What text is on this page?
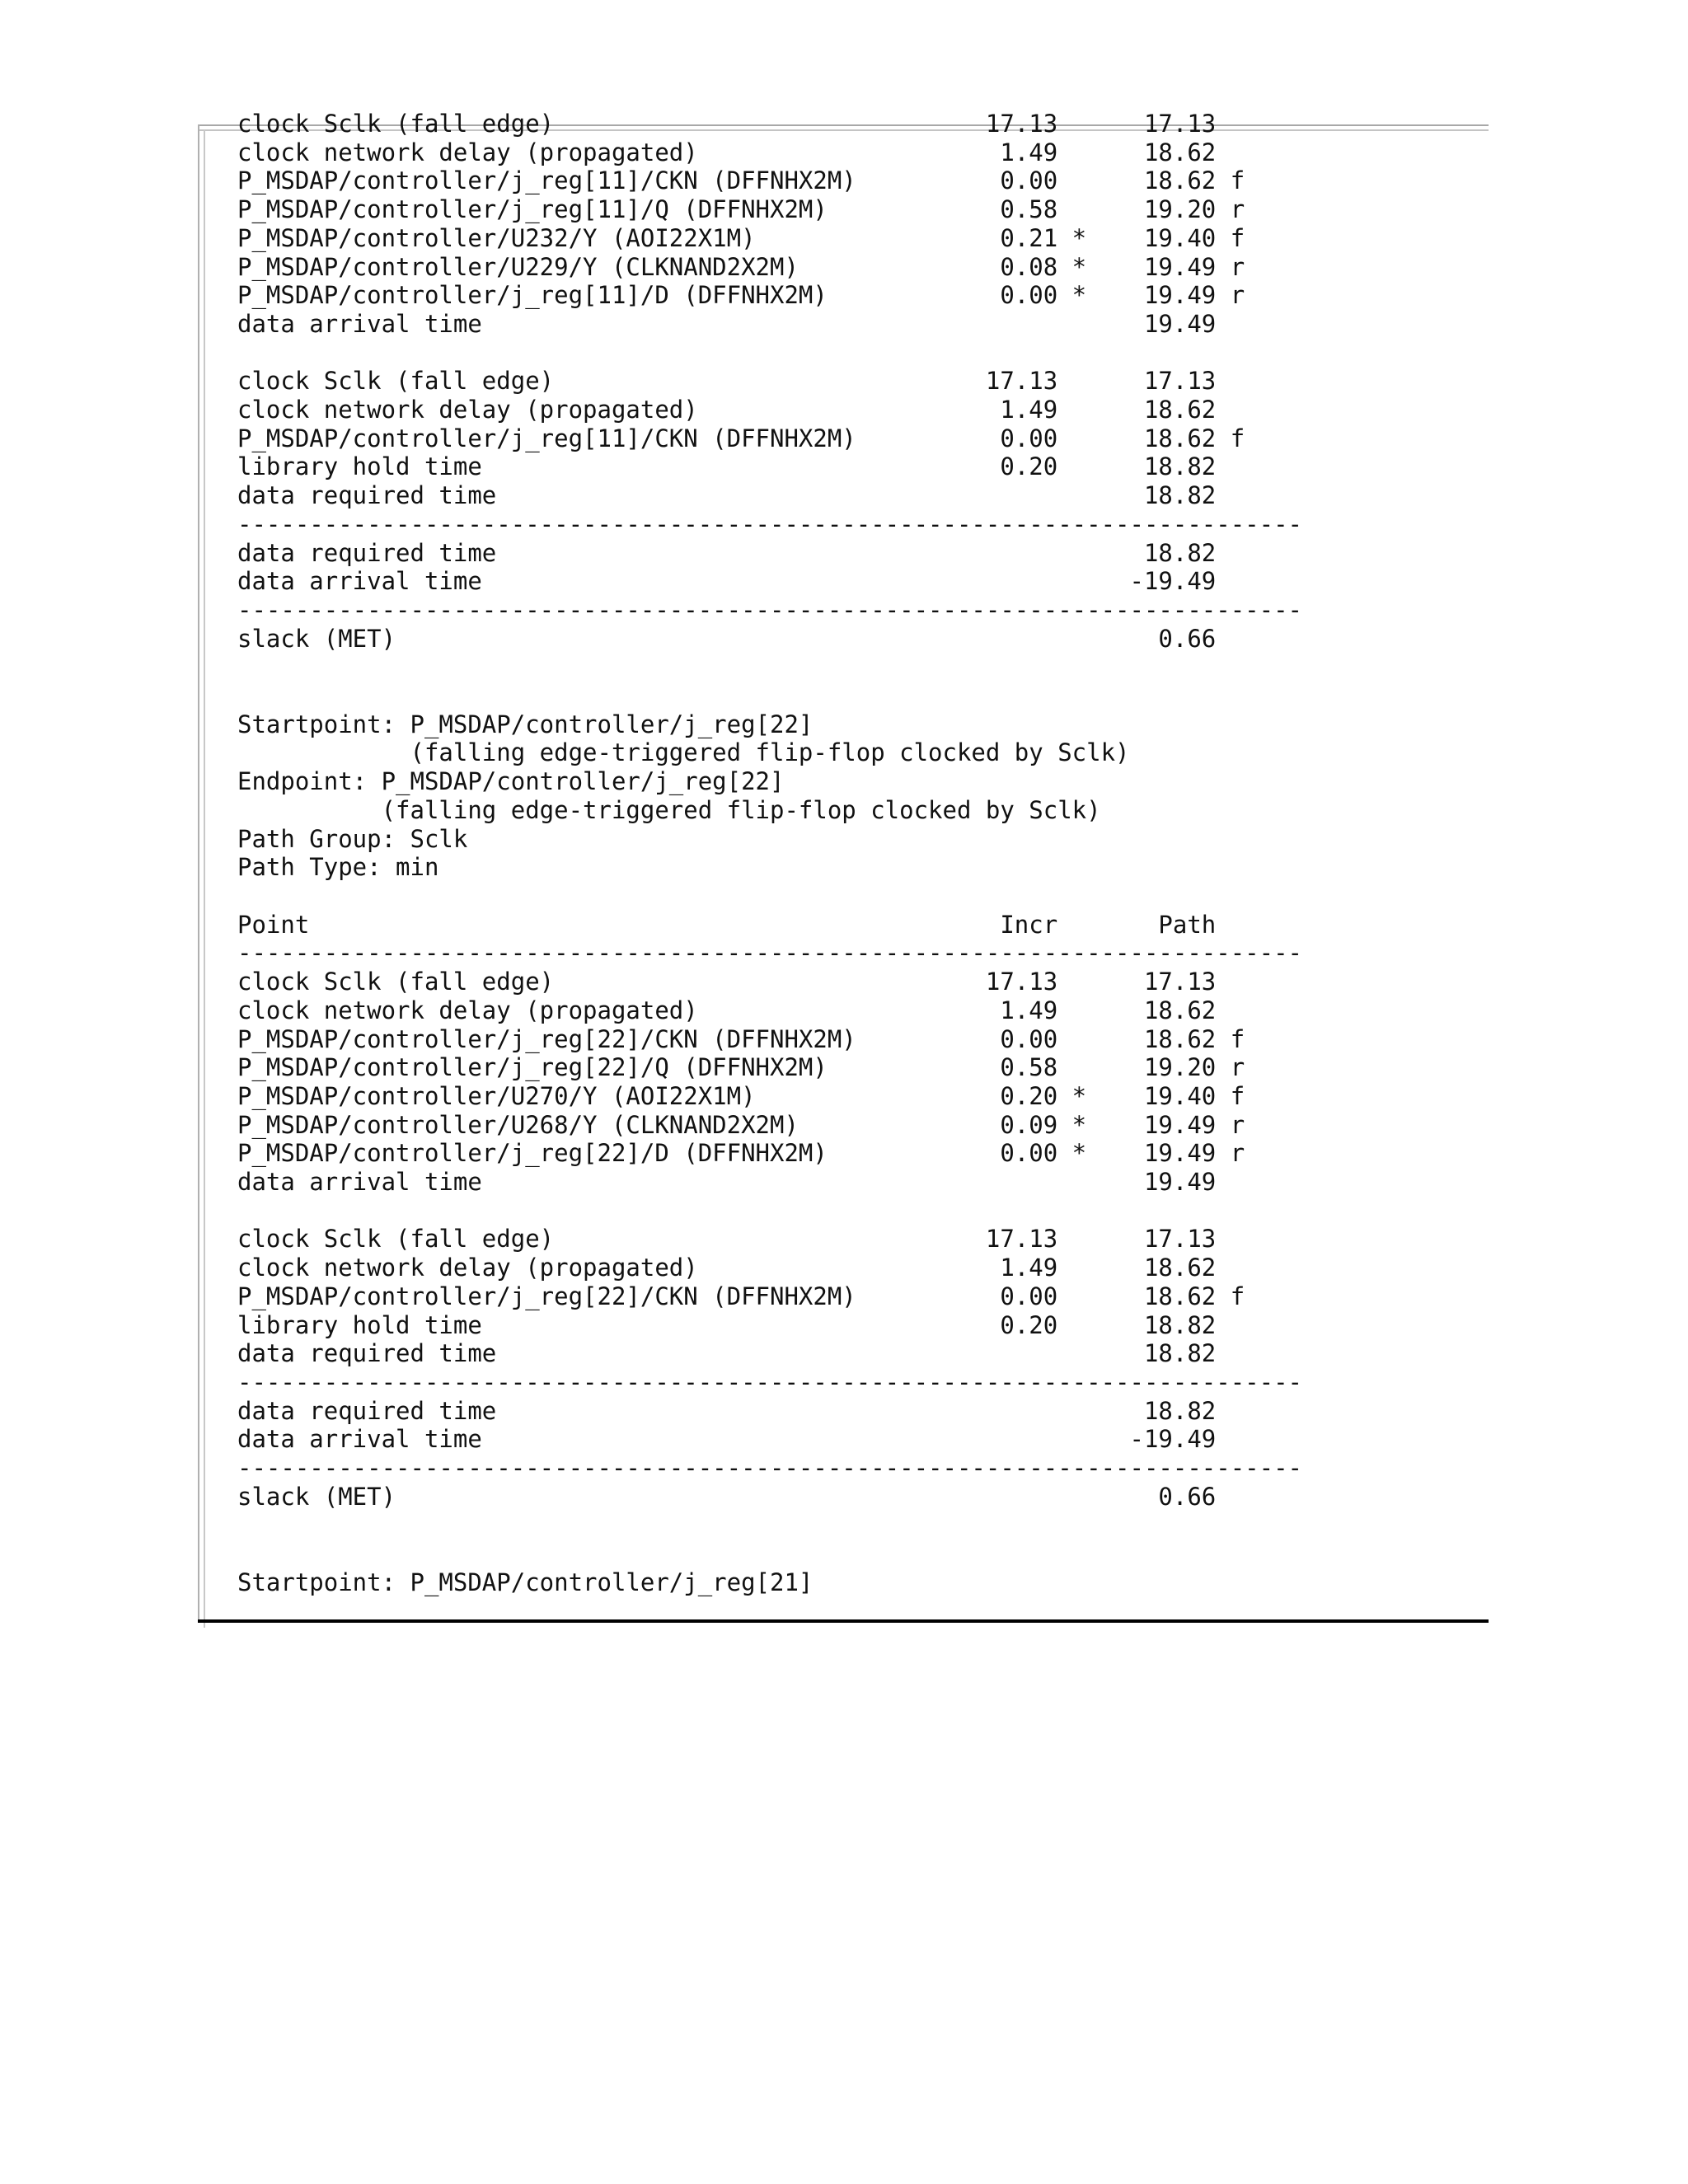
clock Sclk (fall edge)                              17.13      17.13
clock network delay (propagated)                     1.49      18.62
P_MSDAP/controller/j_reg[11]/CKN (DFFNHX2M)          0.00      18.62 f
P_MSDAP/controller/j_reg[11]/Q (DFFNHX2M)            0.58      19.20 r
P_MSDAP/controller/U232/Y (AOI22X1M)                 0.21 *    19.40 f
P_MSDAP/controller/U229/Y (CLKNAND2X2M)              0.08 *    19.49 r
P_MSDAP/controller/j_reg[11]/D (DFFNHX2M)            0.00 *    19.49 r
data arrival time                                              19.49

clock Sclk (fall edge)                              17.13      17.13
clock network delay (propagated)                     1.49      18.62
P_MSDAP/controller/j_reg[11]/CKN (DFFNHX2M)          0.00      18.62 f
library hold time                                    0.20      18.82
data required time                                             18.82
--------------------------------------------------------------------------
data required time                                             18.82
data arrival time                                             -19.49
--------------------------------------------------------------------------
slack (MET)                                                     0.66

Startpoint: P_MSDAP/controller/j_reg[22]
(falling edge-triggered flip-flop clocked by Sclk)
Endpoint: P_MSDAP/controller/j_reg[22]
(falling edge-triggered flip-flop clocked by Sclk)
Path Group: Sclk
Path Type: min

Point                                                Incr       Path
--------------------------------------------------------------------------
clock Sclk (fall edge)                              17.13      17.13
clock network delay (propagated)                     1.49      18.62
P_MSDAP/controller/j_reg[22]/CKN (DFFNHX2M)          0.00      18.62 f
P_MSDAP/controller/j_reg[22]/Q (DFFNHX2M)            0.58      19.20 r
P_MSDAP/controller/U270/Y (AOI22X1M)                 0.20 *    19.40 f
P_MSDAP/controller/U268/Y (CLKNAND2X2M)              0.09 *    19.49 r
P_MSDAP/controller/j_reg[22]/D (DFFNHX2M)            0.00 *    19.49 r
data arrival time                                              19.49

clock Sclk (fall edge)                              17.13      17.13
clock network delay (propagated)                     1.49      18.62
P_MSDAP/controller/j_reg[22]/CKN (DFFNHX2M)          0.00      18.62 f
library hold time                                    0.20      18.82
data required time                                             18.82
--------------------------------------------------------------------------
data required time                                             18.82
data arrival time                                             -19.49
--------------------------------------------------------------------------
slack (MET)                                                     0.66

Startpoint: P_MSDAP/controller/j_reg[21]
